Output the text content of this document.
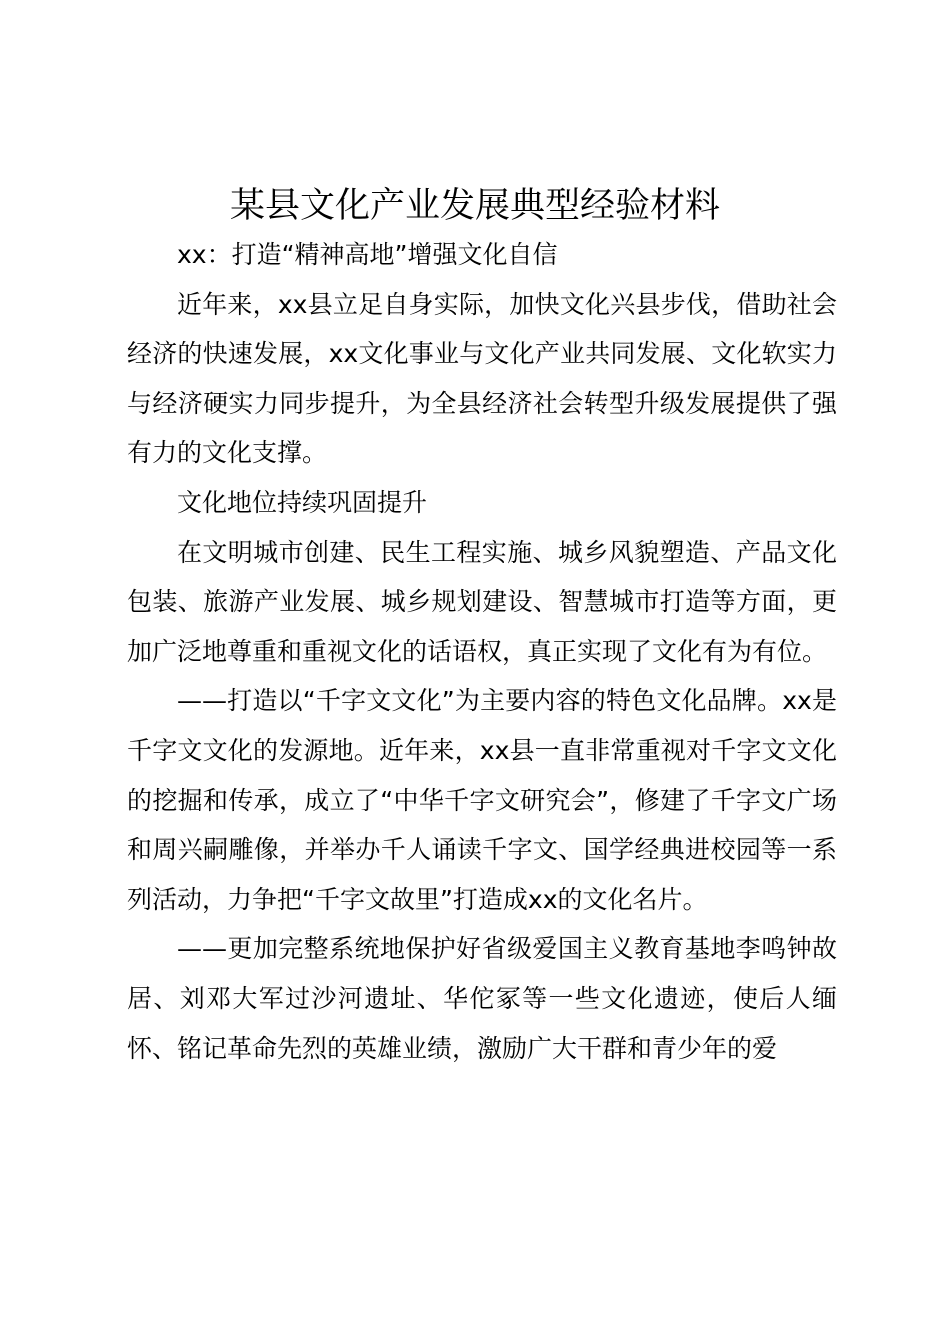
某县文化产业发展典型经验材料

xx：打造“精神高地”增强文化自信

近年来，xx县立足自身实际，加快文化兴县步伐，借助社会经济的快速发展，xx文化事业与文化产业共同发展、文化软实力与经济硬实力同步提升，为全县经济社会转型升级发展提供了强有力的文化支撑。

文化地位持续巩固提升

在文明城市创建、民生工程实施、城乡风貌塑造、产品文化包装、旅游产业发展、城乡规划建设、智慧城市打造等方面，更加广泛地尊重和重视文化的话语权，真正实现了文化有为有位。

——打造以“千字文文化”为主要内容的特色文化品牌。xx是千字文文化的发源地。近年来，xx县一直非常重视对千字文文化的挖掘和传承，成立了“中华千字文研究会”，修建了千字文广场和周兴嗣雕像，并举办千人诵读千字文、国学经典进校园等一系列活动，力争把“千字文故里”打造成xx的文化名片。

——更加完整系统地保护好省级爱国主义教育基地李鸣钟故居、刘邓大军过沙河遗址、华佗冢等一些文化遗迹，使后人缅怀、铭记革命先烈的英雄业绩，激励广大干群和青少年的爱
